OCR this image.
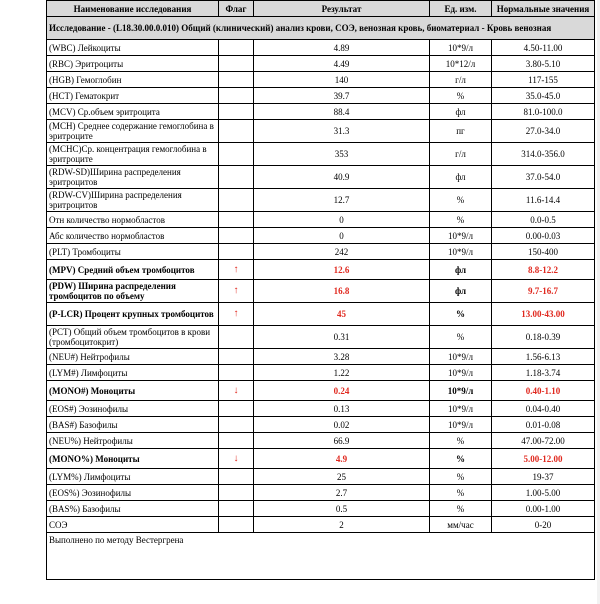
Наименование исследования	Флаг	Результат	Ед. изм.	Нормальные значения
Исследование - (L18.30.00.0.010) Общий (клинический) анализ крови, СОЭ, венозная кровь, биоматериал - Кровь венозная				
(WBC) Лейкоциты		4.89	10*9/л	4.50-11.00
(RBC) Эритроциты		4.49	10*12/л	3.80-5.10
(HGB) Гемоглобин		140	г/л	117-155
(HCT) Гематокрит		39.7	%	35.0-45.0
(MCV) Ср.объем эритроцита		88.4	фл	81.0-100.0
(MCH) Среднее содержание гемоглобина в эритроците		31.3	пг	27.0-34.0
(MCHC)Ср. концентрация гемоглобина в эритроците		353	г/л	314.0-356.0
(RDW-SD)Ширина распределения эритроцитов		40.9	фл	37.0-54.0
(RDW-CV)Ширина распределения эритроцитов		12.7	%	11.6-14.4
Отн количество нормобластов		0	%	0.0-0.5
Абс количество нормобластов		0	10*9/л	0.00-0.03
(PLT) Тромбоциты		242	10*9/л	150-400
(MPV) Средний объем тромбоцитов	↑	12.6	фл	8.8-12.2
(PDW) Ширина распределения тромбоцитов по объему	↑	16.8	фл	9.7-16.7
(P-LCR) Процент крупных тромбоцитов	↑	45	%	13.00-43.00
(PCT) Общий объем тромбоцитов в крови (тромбоцитокрит)		0.31	%	0.18-0.39
(NEU#) Нейтрофилы		3.28	10*9/л	1.56-6.13
(LYM#) Лимфоциты		1.22	10*9/л	1.18-3.74
(MONO#) Моноциты	↓	0.24	10*9/л	0.40-1.10
(EOS#) Эозинофилы		0.13	10*9/л	0.04-0.40
(BAS#) Базофилы		0.02	10*9/л	0.01-0.08
(NEU%) Нейтрофилы		66.9	%	47.00-72.00
(MONO%) Моноциты	↓	4.9	%	5.00-12.00
(LYM%) Лимфоциты		25	%	19-37
(EOS%) Эозинофилы		2.7	%	1.00-5.00
(BAS%) Базофилы		0.5	%	0.00-1.00
СОЭ		2	мм/час	0-20
Выполнено по методу Вестергрена				
